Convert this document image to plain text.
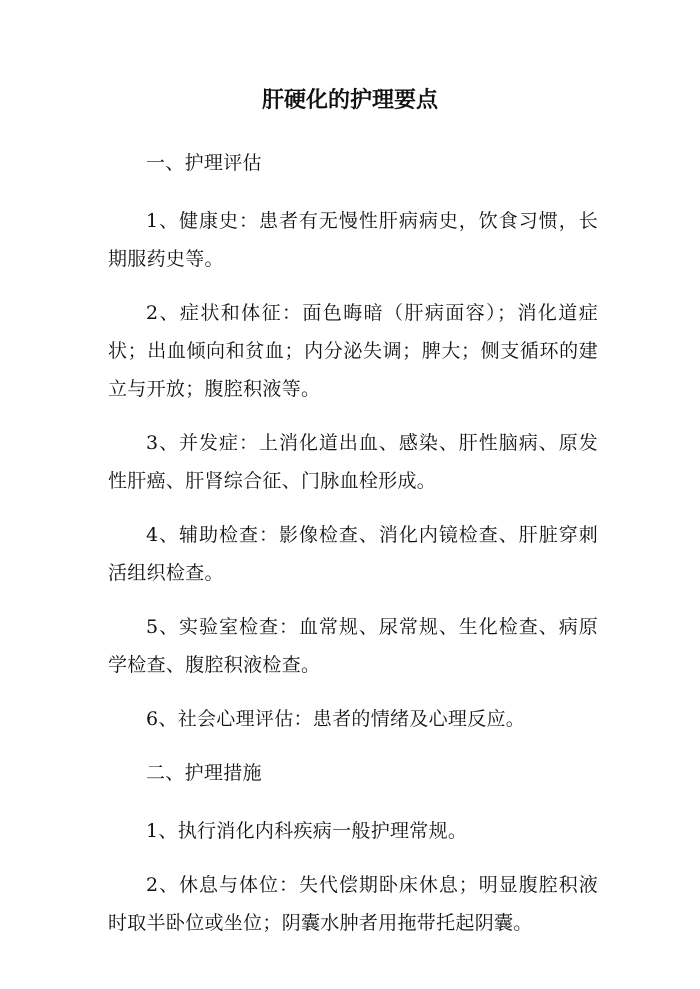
肝硬化的护理要点

一、护理评估

1、健康史：患者有无慢性肝病病史，饮食习惯，长期服药史等。

2、症状和体征：面色晦暗（肝病面容）；消化道症状；出血倾向和贫血；内分泌失调；脾大；侧支循环的建立与开放；腹腔积液等。

3、并发症：上消化道出血、感染、肝性脑病、原发性肝癌、肝肾综合征、门脉血栓形成。

4、辅助检查：影像检查、消化内镜检查、肝脏穿刺活组织检查。

5、实验室检查：血常规、尿常规、生化检查、病原学检查、腹腔积液检查。

6、社会心理评估：患者的情绪及心理反应。

二、护理措施

1、执行消化内科疾病一般护理常规。

2、休息与体位：失代偿期卧床休息；明显腹腔积液时取半卧位或坐位；阴囊水肿者用拖带托起阴囊。
